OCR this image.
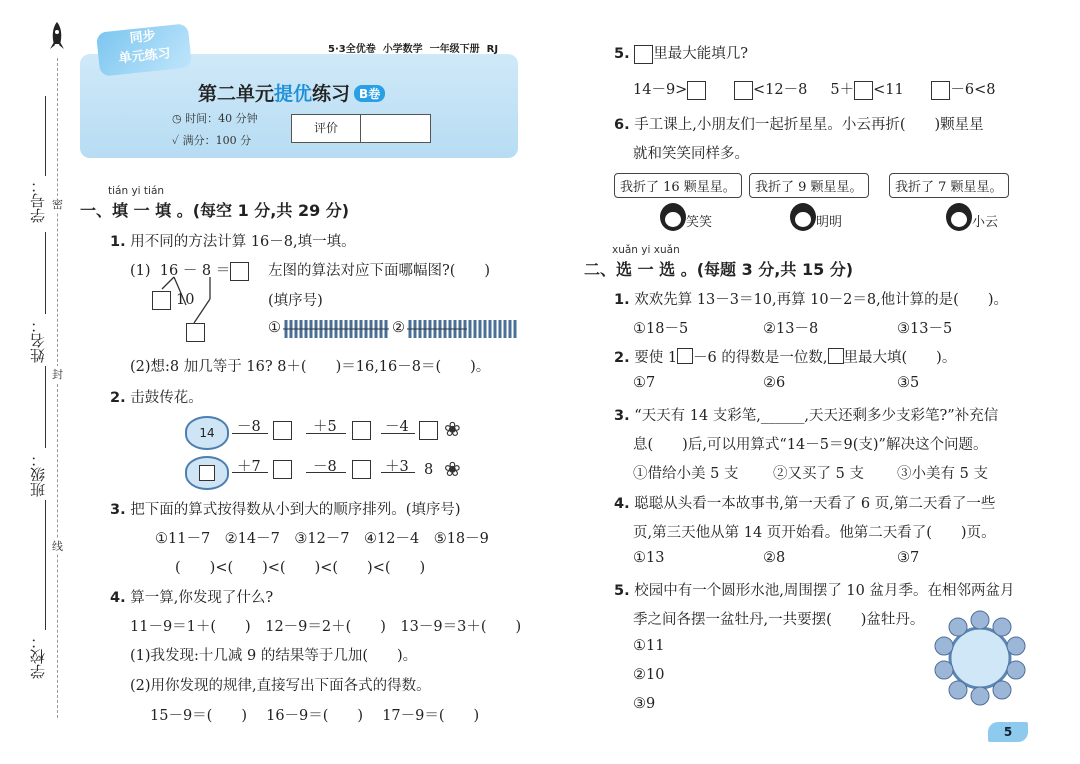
学号：
姓名：
班级：
学校：
密
封
线
同步
单元练习	5·3全优卷 小学数学 一年级下册 RJ
第二单元提优练习 B卷
◷ 时间：40 分钟
✓ 满分：100 分
评价
tián yi tián
一、填 一 填 。(每空 1 分,共 29 分)
1. 用不同的方法计算 16－8,填一填。
(1) 16 － 8 ＝	左图的算法对应下面哪幅图?(　　)
(填序号)
10
①	②
(2)想:8 加几等于 16? 8＋(　　)＝16,16－8＝(　　)。
2. 击鼓传花。
14	－8	＋5	－4 ❀
＋7	－8	＋3 8 ❀
3. 把下面的算式按得数从小到大的顺序排列。(填序号)
①11－7　②14－7　③12－7　④12－4　⑤18－9
(　　)<(　　)<(　　)<(　　)<(　　)
4. 算一算,你发现了什么?
11－9＝1＋(　　)　12－9＝2＋(　　)　13－9＝3＋(　　)
(1)我发现:十几减 9 的结果等于几加(　　)。
(2)用你发现的规律,直接写出下面各式的得数。
15－9＝(　　)　 16－9＝(　　)　 17－9＝(　　)
5. 里最大能填几?
14－9>	<12－8 5＋ <11	－6<8
6. 手工课上,小朋友们一起折星星。小云再折(　　)颗星星
就和笑笑同样多。
我折了 16 颗星星。	我折了 9 颗星星。	我折了 7 颗星星。
笑笑	明明	小云
xuǎn yi xuǎn
二、选 一 选 。(每题 3 分,共 15 分)
1. 欢欢先算 13－3＝10,再算 10－2＝8,他计算的是(　　)。
①18－5	②13－8	③13－5
2. 要使 1 －6 的得数是一位数, 里最大填(　　)。
①7	②6	③5
3. “天天有 14 支彩笔,______,天天还剩多少支彩笔?”补充信
息(　　)后,可以用算式“14－5＝9(支)”解决这个问题。
①借给小美 5 支 ②又买了 5 支 ③小美有 5 支
4. 聪聪从头看一本故事书,第一天看了 6 页,第二天看了一些
页,第三天他从第 14 页开始看。他第二天看了(　　)页。
①13	②8	③7
5. 校园中有一个圆形水池,周围摆了 10 盆月季。在相邻两盆月
季之间各摆一盆牡丹,一共要摆(　　)盆牡丹。
①11
②10
③9
5
